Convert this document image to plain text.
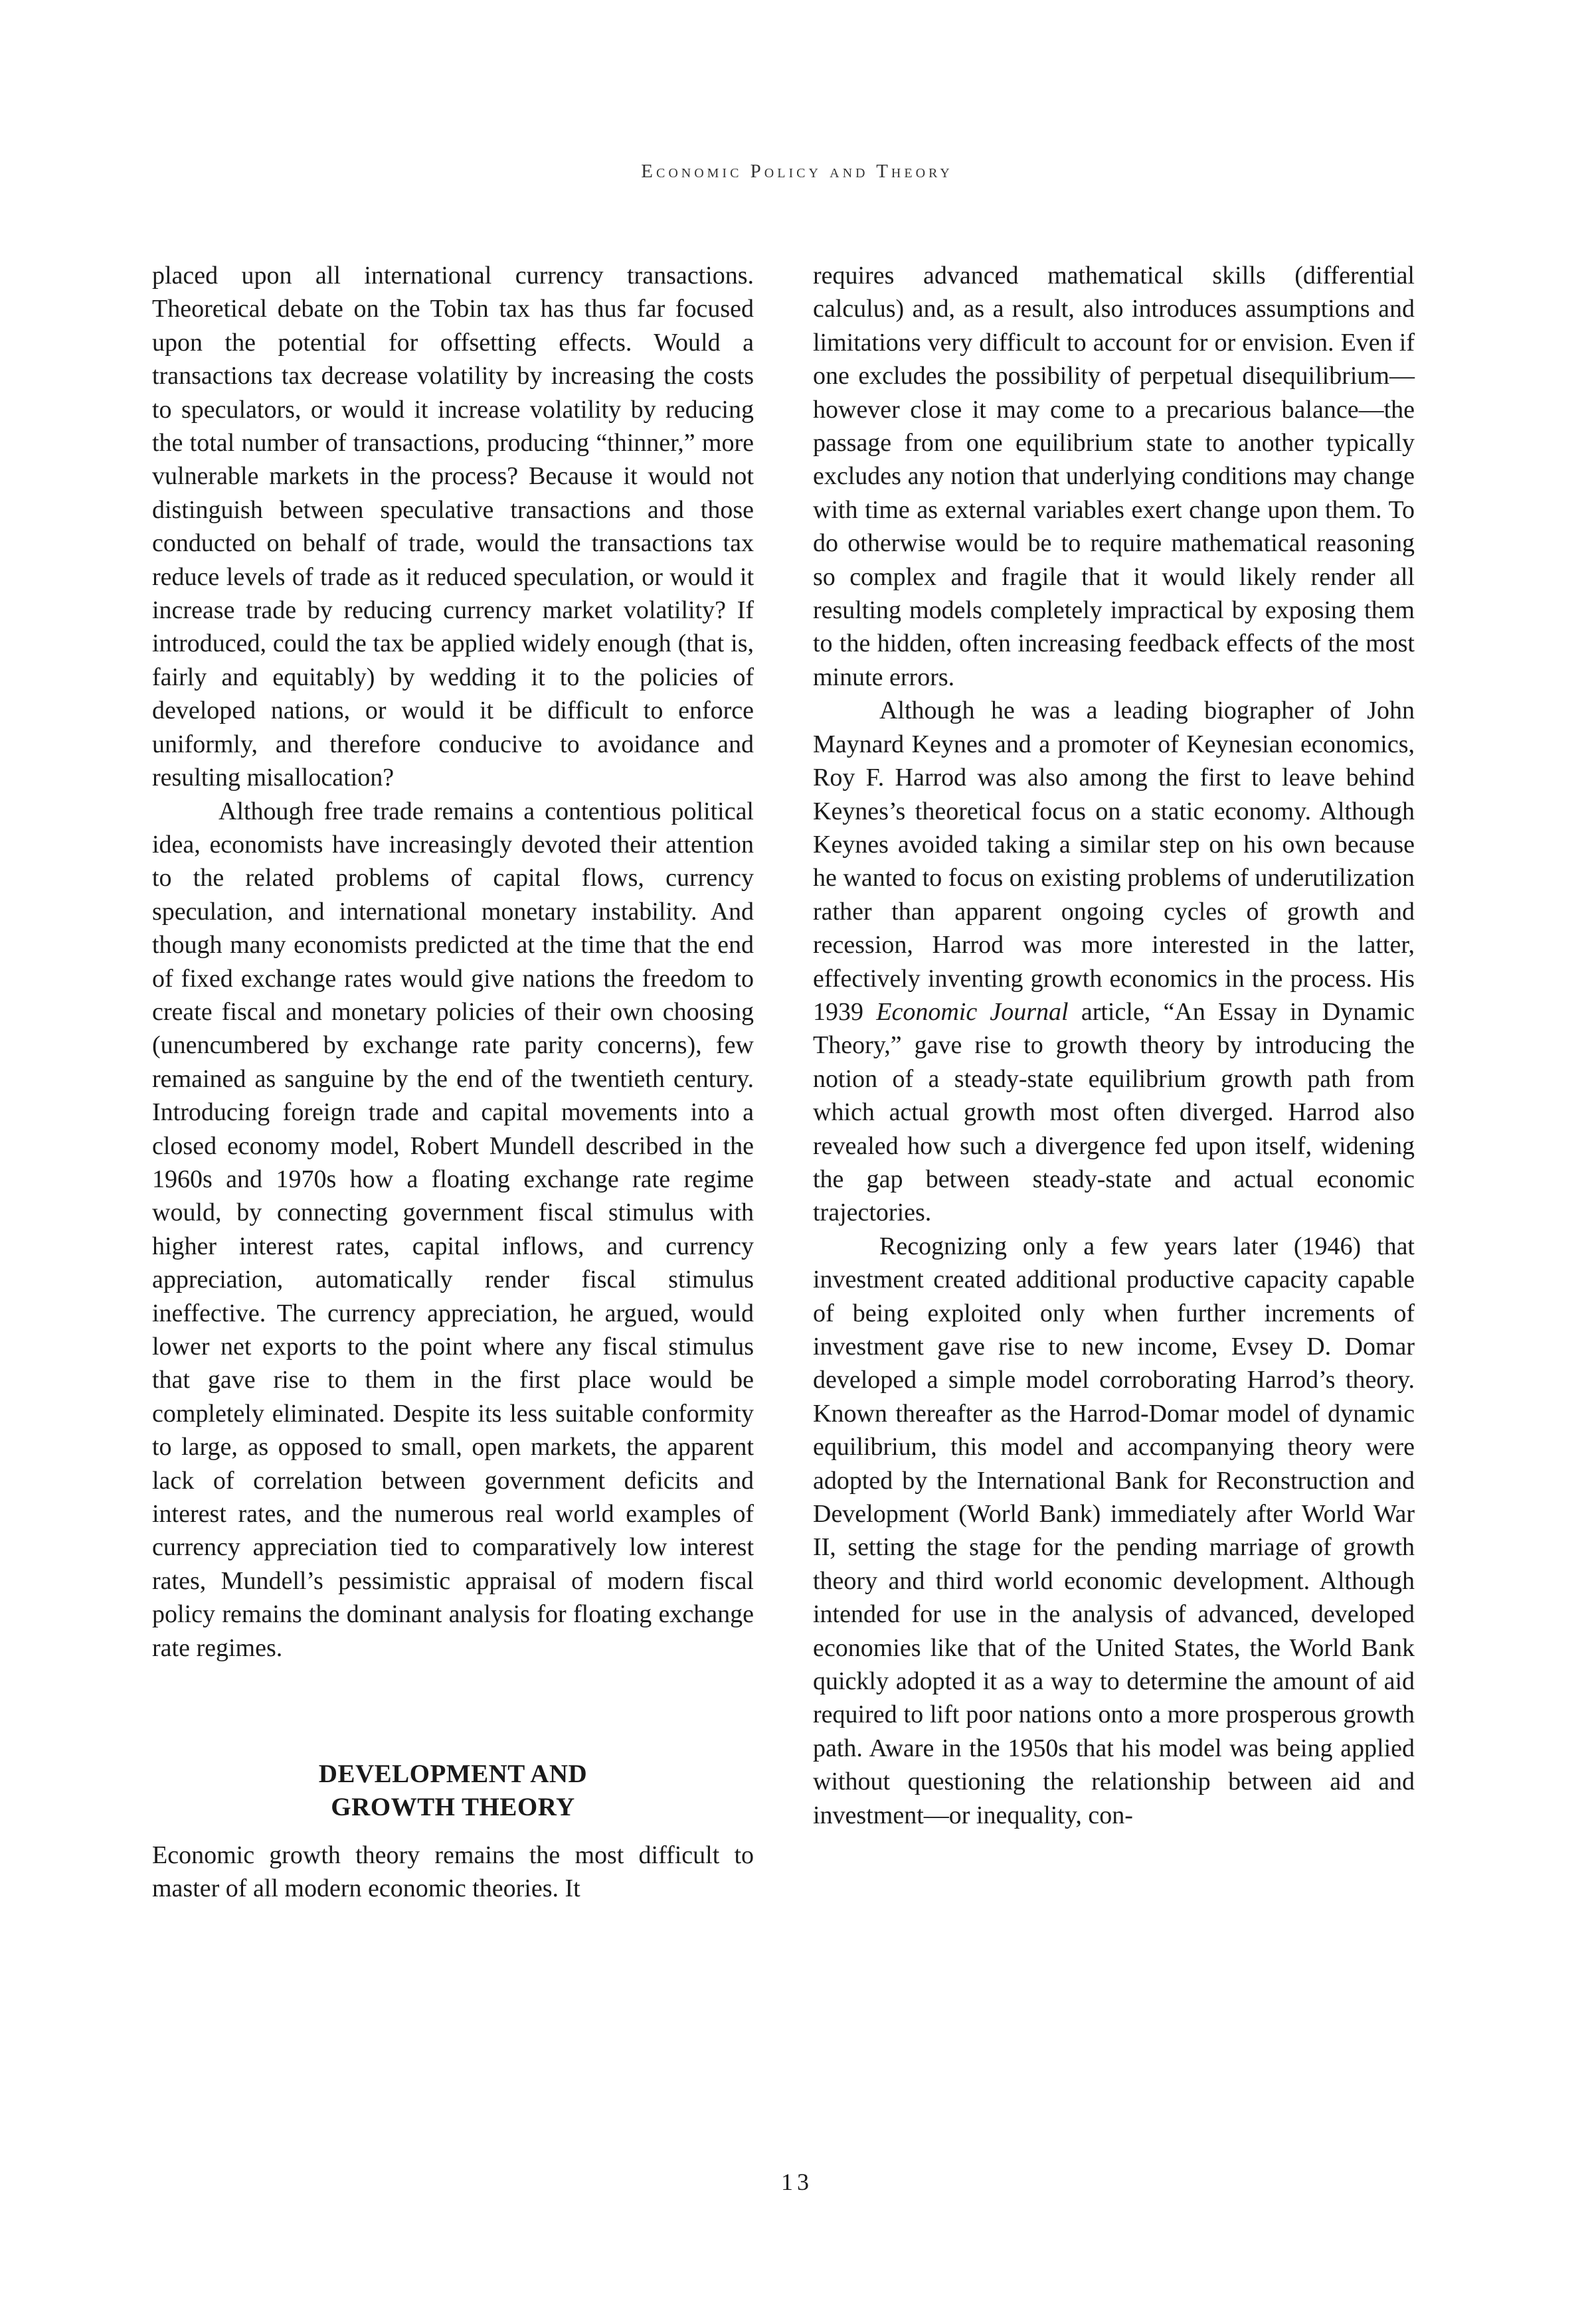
Economic Policy and Theory

placed upon all international currency transactions. Theoretical debate on the Tobin tax has thus far focused upon the potential for offsetting effects. Would a transactions tax decrease volatility by increasing the costs to speculators, or would it increase volatility by reducing the total number of transactions, producing “thinner,” more vulnerable markets in the process? Because it would not distinguish between speculative transactions and those conducted on behalf of trade, would the transactions tax reduce levels of trade as it reduced speculation, or would it increase trade by reducing currency market volatility? If introduced, could the tax be applied widely enough (that is, fairly and equitably) by wedding it to the policies of developed nations, or would it be difficult to enforce uniformly, and therefore conducive to avoidance and resulting misallocation?

Although free trade remains a contentious political idea, economists have increasingly devoted their attention to the related problems of capital flows, currency speculation, and international monetary instability. And though many economists predicted at the time that the end of fixed exchange rates would give nations the freedom to create fiscal and monetary policies of their own choosing (unencumbered by exchange rate parity concerns), few remained as sanguine by the end of the twentieth century. Introducing foreign trade and capital movements into a closed economy model, Robert Mundell described in the 1960s and 1970s how a floating exchange rate regime would, by connecting government fiscal stimulus with higher interest rates, capital inflows, and currency appreciation, automatically render fiscal stimulus ineffective. The currency appreciation, he argued, would lower net exports to the point where any fiscal stimulus that gave rise to them in the first place would be completely eliminated. Despite its less suitable conformity to large, as opposed to small, open markets, the apparent lack of correlation between government deficits and interest rates, and the numerous real world examples of currency appreciation tied to comparatively low interest rates, Mundell’s pessimistic appraisal of modern fiscal policy remains the dominant analysis for floating exchange rate regimes.

DEVELOPMENT AND
GROWTH THEORY

Economic growth theory remains the most difficult to master of all modern economic theories. It

requires advanced mathematical skills (differential calculus) and, as a result, also introduces assumptions and limitations very difficult to account for or envision. Even if one excludes the possibility of perpetual disequilibrium—however close it may come to a precarious balance—the passage from one equilibrium state to another typically excludes any notion that underlying conditions may change with time as external variables exert change upon them. To do otherwise would be to require mathematical reasoning so complex and fragile that it would likely render all resulting models completely impractical by exposing them to the hidden, often increasing feedback effects of the most minute errors.

Although he was a leading biographer of John Maynard Keynes and a promoter of Keynesian economics, Roy F. Harrod was also among the first to leave behind Keynes’s theoretical focus on a static economy. Although Keynes avoided taking a similar step on his own because he wanted to focus on existing problems of underutilization rather than apparent ongoing cycles of growth and recession, Harrod was more interested in the latter, effectively inventing growth economics in the process. His 1939 Economic Journal article, “An Essay in Dynamic Theory,” gave rise to growth theory by introducing the notion of a steady-state equilibrium growth path from which actual growth most often diverged. Harrod also revealed how such a divergence fed upon itself, widening the gap between steady-state and actual economic trajectories.

Recognizing only a few years later (1946) that investment created additional productive capacity capable of being exploited only when further increments of investment gave rise to new income, Evsey D. Domar developed a simple model corroborating Harrod’s theory. Known thereafter as the Harrod-Domar model of dynamic equilibrium, this model and accompanying theory were adopted by the International Bank for Reconstruction and Development (World Bank) immediately after World War II, setting the stage for the pending marriage of growth theory and third world economic development. Although intended for use in the analysis of advanced, developed economies like that of the United States, the World Bank quickly adopted it as a way to determine the amount of aid required to lift poor nations onto a more prosperous growth path. Aware in the 1950s that his model was being applied without questioning the relationship between aid and investment—or inequality, con-

13
